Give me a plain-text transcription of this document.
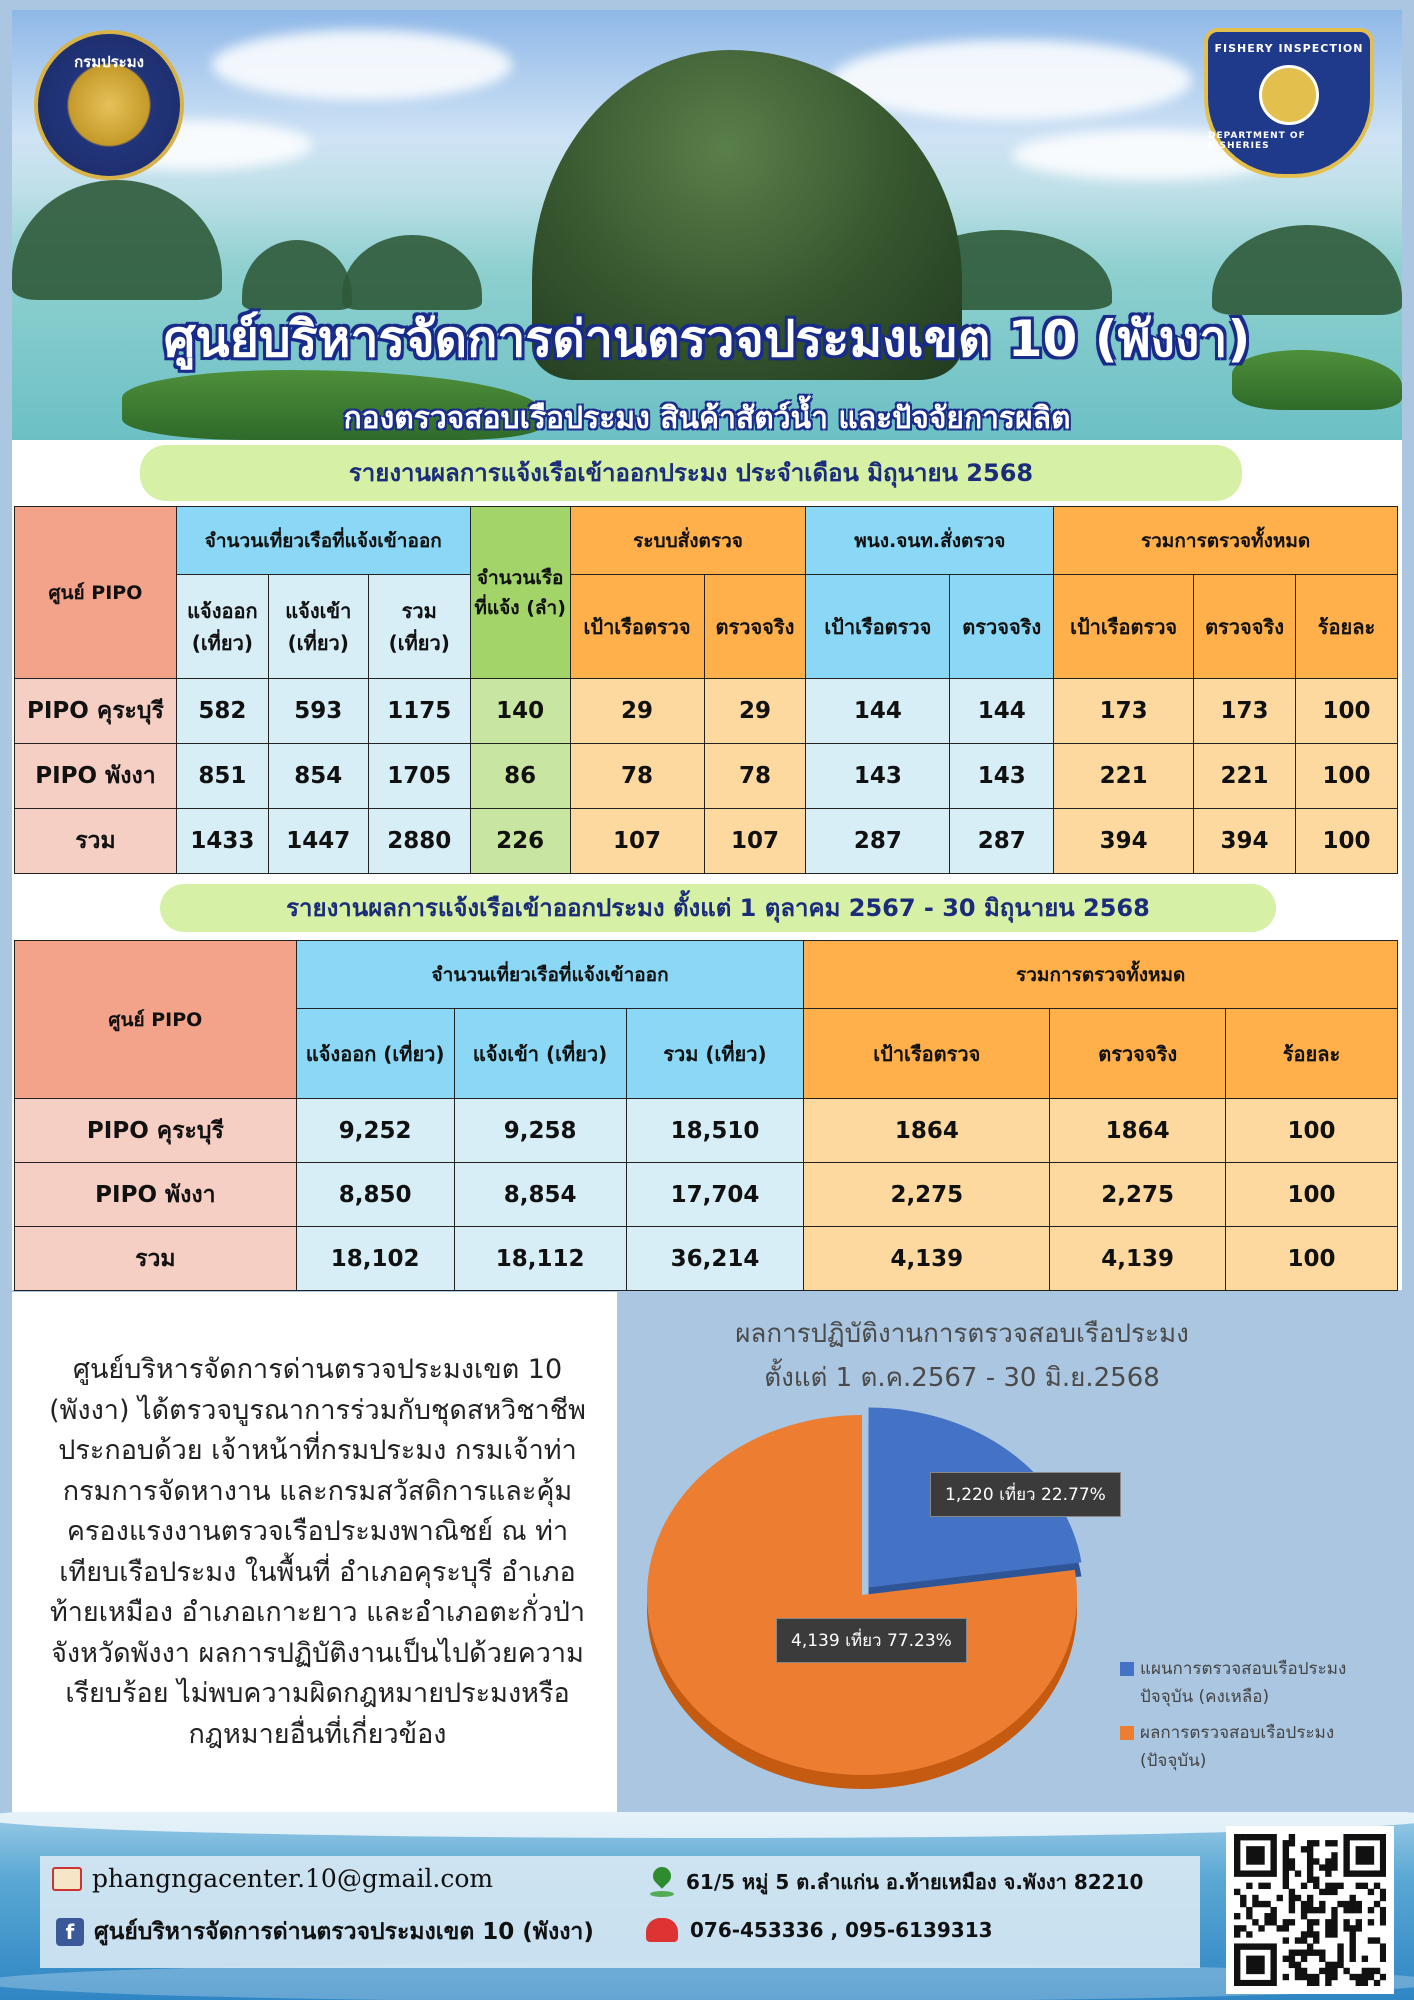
กรมประมง
FISHERY INSPECTION
DEPARTMENT OF FISHERIES
ศูนย์บริหารจัดการด่านตรวจประมงเขต 10 (พังงา)
กองตรวจสอบเรือประมง สินค้าสัตว์น้ำ และปัจจัยการผลิต
รายงานผลการแจ้งเรือเข้าออกประมง ประจำเดือน มิถุนายน 2568
ศูนย์ PIPO	จำนวนเที่ยวเรือที่แจ้งเข้าออก			จำนวนเรือที่แจ้ง (ลำ)	ระบบสั่งตรวจ		พนง.จนท.สั่งตรวจ		รวมการตรวจทั้งหมด		
	แจ้งออก (เที่ยว)	แจ้งเข้า (เที่ยว)	รวม (เที่ยว)		เป้าเรือตรวจ	ตรวจจริง	เป้าเรือตรวจ	ตรวจจริง	เป้าเรือตรวจ	ตรวจจริง	ร้อยละ
PIPO คุระบุรี	582	593	1175	140	29	29	144	144	173	173	100
PIPO พังงา	851	854	1705	86	78	78	143	143	221	221	100
รวม	1433	1447	2880	226	107	107	287	287	394	394	100
รายงานผลการแจ้งเรือเข้าออกประมง ตั้งแต่ 1 ตุลาคม 2567 - 30 มิถุนายน 2568
ศูนย์ PIPO	จำนวนเที่ยวเรือที่แจ้งเข้าออก			รวมการตรวจทั้งหมด		
	แจ้งออก (เที่ยว)	แจ้งเข้า (เที่ยว)	รวม (เที่ยว)	เป้าเรือตรวจ	ตรวจจริง	ร้อยละ
PIPO คุระบุรี	9,252	9,258	18,510	1864	1864	100
PIPO พังงา	8,850	8,854	17,704	2,275	2,275	100
รวม	18,102	18,112	36,214	4,139	4,139	100
ศูนย์บริหารจัดการด่านตรวจประมงเขต 10
(พังงา) ได้ตรวจบูรณาการร่วมกับชุดสหวิชาชีพ
ประกอบด้วย เจ้าหน้าที่กรมประมง กรมเจ้าท่า
กรมการจัดหางาน และกรมสวัสดิการและคุ้ม
ครองแรงงานตรวจเรือประมงพาณิชย์ ณ ท่า
เทียบเรือประมง ในพื้นที่ อำเภอคุระบุรี อำเภอ
ท้ายเหมือง อำเภอเกาะยาว และอำเภอตะกั่วป่า
จังหวัดพังงา ผลการปฏิบัติงานเป็นไปด้วยความ
เรียบร้อย ไม่พบความผิดกฎหมายประมงหรือ
กฎหมายอื่นที่เกี่ยวข้อง
ผลการปฏิบัติงานการตรวจสอบเรือประมง
ตั้งแต่ 1 ต.ค.2567 - 30 มิ.ย.2568
1,220 เที่ยว 22.77%
4,139 เที่ยว 77.23%
แผนการตรวจสอบเรือประมงปัจจุบัน (คงเหลือ)
ผลการตรวจสอบเรือประมง (ปัจจุบัน)
phangngacenter.10@gmail.com
f ศูนย์บริหารจัดการด่านตรวจประมงเขต 10 (พังงา)
61/5 หมู่ 5 ต.ลำแก่น อ.ท้ายเหมือง จ.พังงา 82210
076-453336 , 095-6139313
